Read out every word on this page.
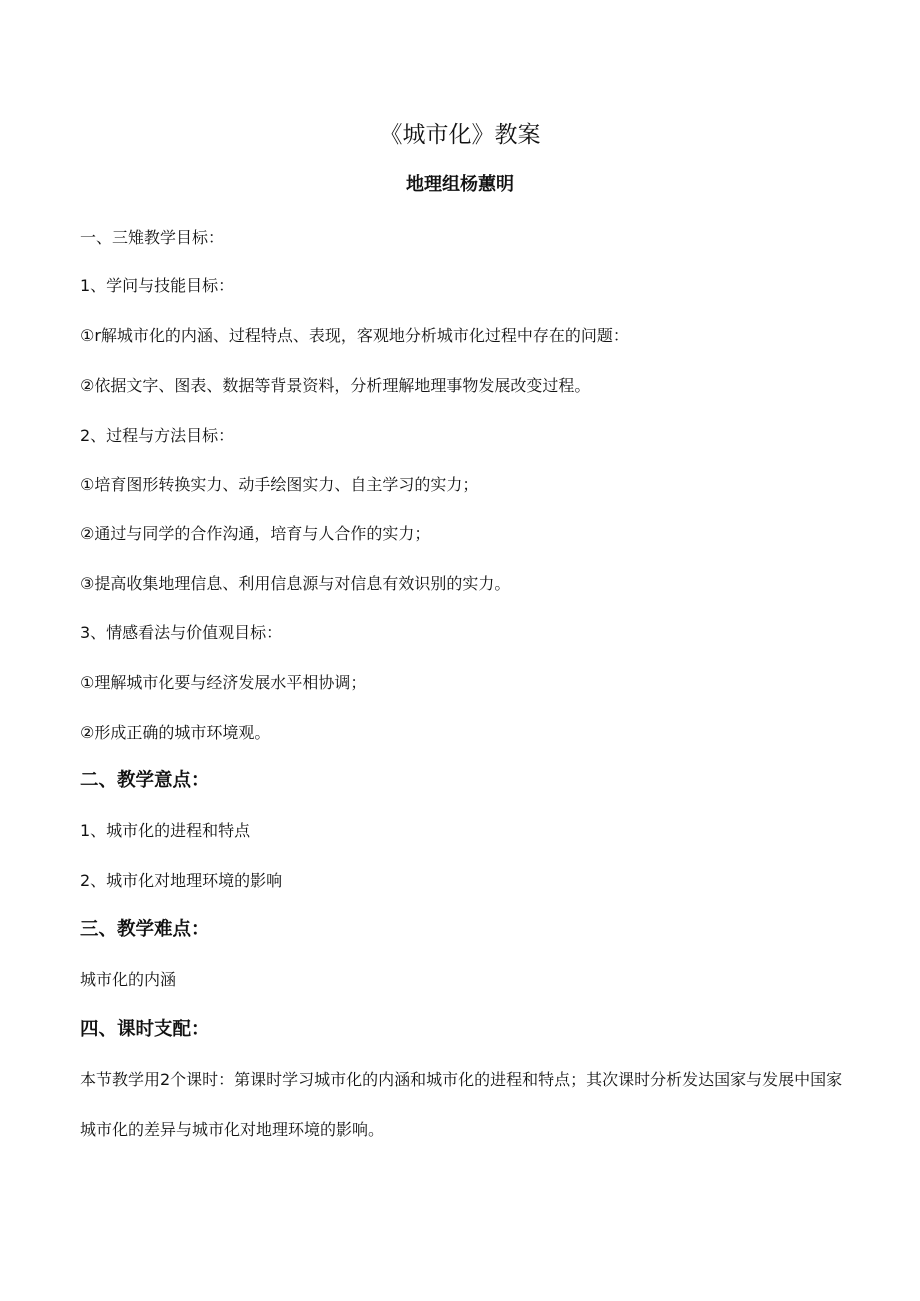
《城市化》教案
地理组杨蕙明

一、三雉教学目标：

1、学问与技能目标：

①r解城市化的内涵、过程特点、表现，客观地分析城市化过程中存在的问题：

②依据文字、图表、数据等背景资料，分析理解地理事物发展改变过程。

2、过程与方法目标：

①培育图形转换实力、动手绘图实力、自主学习的实力；

②通过与同学的合作沟通，培育与人合作的实力；

③提高收集地理信息、利用信息源与对信息有效识别的实力。

3、情感看法与价值观目标：

①理解城市化要与经济发展水平相协调；

②形成正确的城市环境观。

二、教学意点：

1、城市化的进程和特点

2、城市化对地理环境的影响

三、教学难点：

城市化的内涵

四、课时支配：

本节教学用2个课时：第课时学习城市化的内涵和城市化的进程和特点；其次课时分析发达国家与发展中国家城市化的差异与城市化对地理环境的影响。
